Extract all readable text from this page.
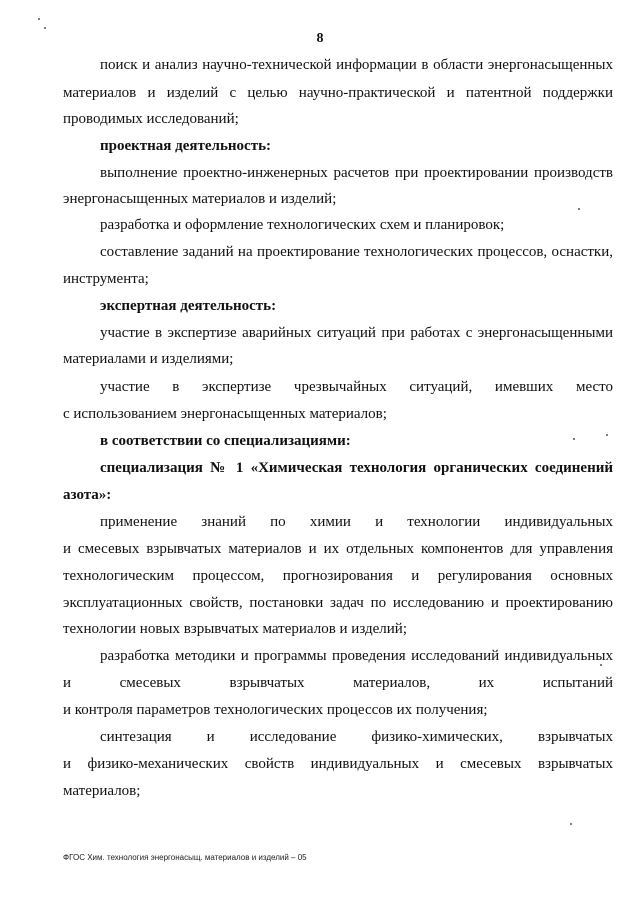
8
поиск и анализ научно-технической информации в области энергонасыщенных
материалов и изделий с целью научно-практической и патентной поддержки
проводимых исследований;
проектная деятельность:
выполнение проектно-инженерных расчетов при проектировании производств
энергонасыщенных материалов и изделий;
разработка и оформление технологических схем и планировок;
составление заданий на проектирование технологических процессов, оснастки,
инструмента;
экспертная деятельность:
участие в экспертизе аварийных ситуаций при работах с энергонасыщенными
материалами и изделиями;
участие в экспертизе чрезвычайных ситуаций, имевших место
с использованием энергонасыщенных материалов;
в соответствии со специализациями:
специализация № 1 «Химическая технология органических соединений
азота»:
применение знаний по химии и технологии индивидуальных
и смесевых взрывчатых материалов и их отдельных компонентов для управления
технологическим процессом, прогнозирования и регулирования основных
эксплуатационных свойств, постановки задач по исследованию и проектированию
технологии новых взрывчатых материалов и изделий;
разработка методики и программы проведения исследований индивидуальных
и смесевых взрывчатых материалов, их испытаний
и контроля параметров технологических процессов их получения;
синтезация и исследование физико-химических, взрывчатых
и физико-механических свойств индивидуальных и смесевых взрывчатых
материалов;
ФГОС Хим. технология энергонасыщ. материалов и изделий – 05
